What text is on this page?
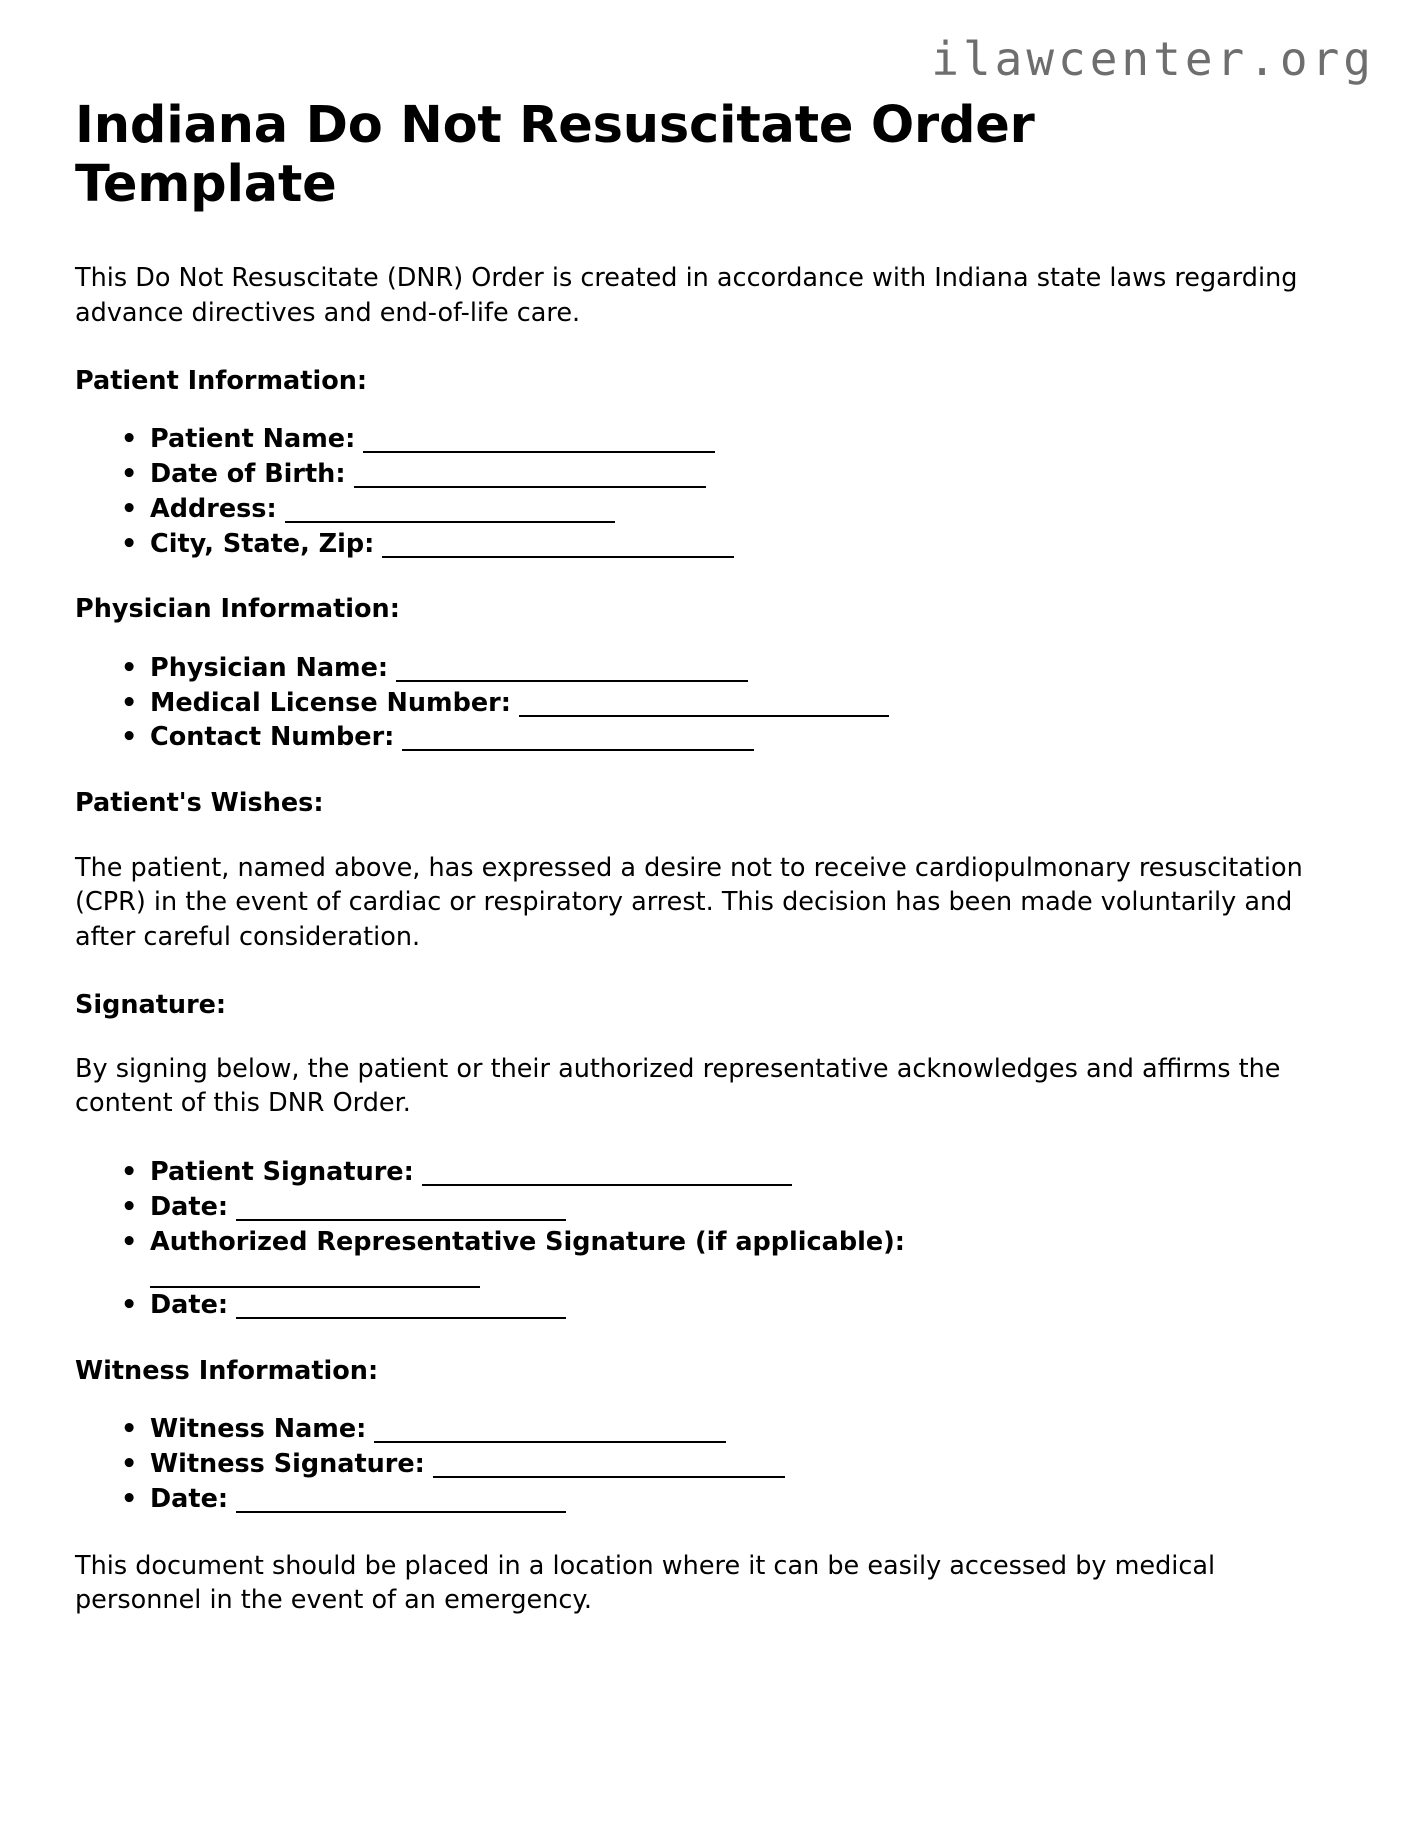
ilawcenter.org
Indiana Do Not Resuscitate Order Template

This Do Not Resuscitate (DNR) Order is created in accordance with Indiana state laws regarding advance directives and end-of-life care.

Patient Information:
• Patient Name:
• Date of Birth:
• Address:
• City, State, Zip:
Physician Information:
• Physician Name:
• Medical License Number:
• Contact Number:
Patient's Wishes:

The patient, named above, has expressed a desire not to receive cardiopulmonary resuscitation (CPR) in the event of cardiac or respiratory arrest. This decision has been made voluntarily and after careful consideration.

Signature:

By signing below, the patient or their authorized representative acknowledges and affirms the content of this DNR Order.

• Patient Signature:
• Date:
• Authorized Representative Signature (if applicable):
• Date:
Witness Information:
• Witness Name:
• Witness Signature:
• Date:

This document should be placed in a location where it can be easily accessed by medical personnel in the event of an emergency.
